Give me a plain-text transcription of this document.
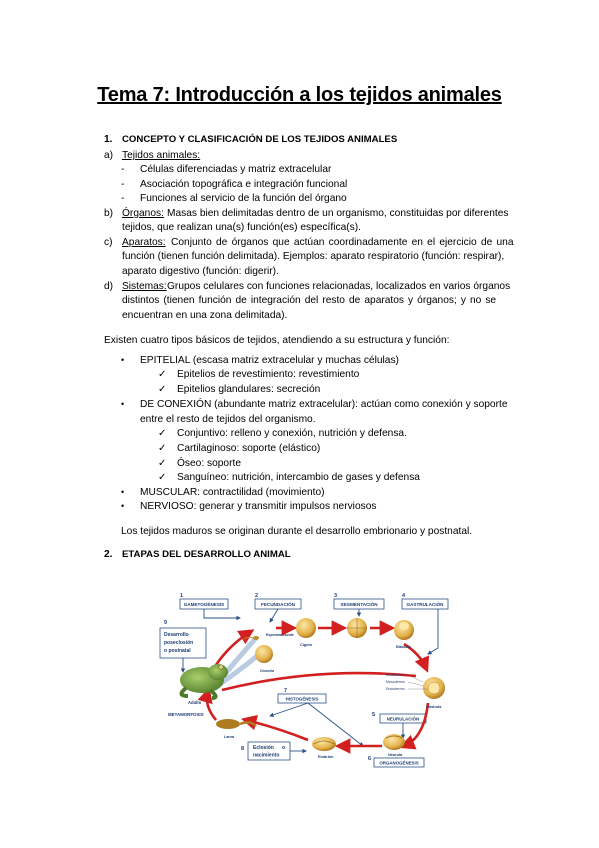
Tema 7: Introducción a los tejidos animales
1. CONCEPTO Y CLASIFICACIÓN DE LOS TEJIDOS ANIMALES
a) Tejidos animales:
- Células diferenciadas y matriz extracelular
- Asociación topográfica e integración funcional
- Funciones al servicio de la función del órgano
b) Órganos: Masas bien delimitadas dentro de un organismo, constituidas por diferentes
tejidos, que realizan una(s) función(es) específica(s).
c) Aparatos: Conjunto de órganos que actúan coordinadamente en el ejercicio de una
función (tienen función delimitada). Ejemplos: aparato respiratorio (función: respirar),
aparato digestivo (función: digerir).
d) Sistemas: Grupos celulares con funciones relacionadas, localizados en varios órganos
distintos (tienen función de integración del resto de aparatos y órganos; y no se
encuentran en una zona delimitada).
Existen cuatro tipos básicos de tejidos, atendiendo a su estructura y función:
• EPITELIAL (escasa matriz extracelular y muchas células)
✓ Epitelios de revestimiento: revestimiento
✓ Epitelios glandulares: secreción
• DE CONEXIÓN (abundante matriz extracelular): actúan como conexión y soporte
entre el resto de tejidos del organismo.
✓ Conjuntivo: relleno y conexión, nutrición y defensa.
✓ Cartilaginoso: soporte (elástico)
✓ Óseo: soporte
✓ Sanguíneo: nutrición, intercambio de gases y defensa
• MUSCULAR: contractilidad (movimiento)
• NERVIOSO: generar y transmitir impulsos nerviosos
Los tejidos maduros se originan durante el desarrollo embrionario y postnatal.
2. ETAPAS DEL DESARROLLO ANIMAL
1
GAMETOGÉNESIS
2
FECUNDACIÓN
3
SEGMENTACIÓN
4
GASTRULACIÓN
5
NEURULACIÓN
6
ORGANOGÉNESIS
7
HISTOGÉNESIS
8 Eclosión o
nacimiento
9
Desarrollo
poseclosión
o postnatal
Adulto
Espermatozoide
Ovocito
Cigoto	Blástula
Ectodermo
Mesodermo
Endodermo
Gástrula
Néurula
Embrión
Larva
METAMORFOSIS
